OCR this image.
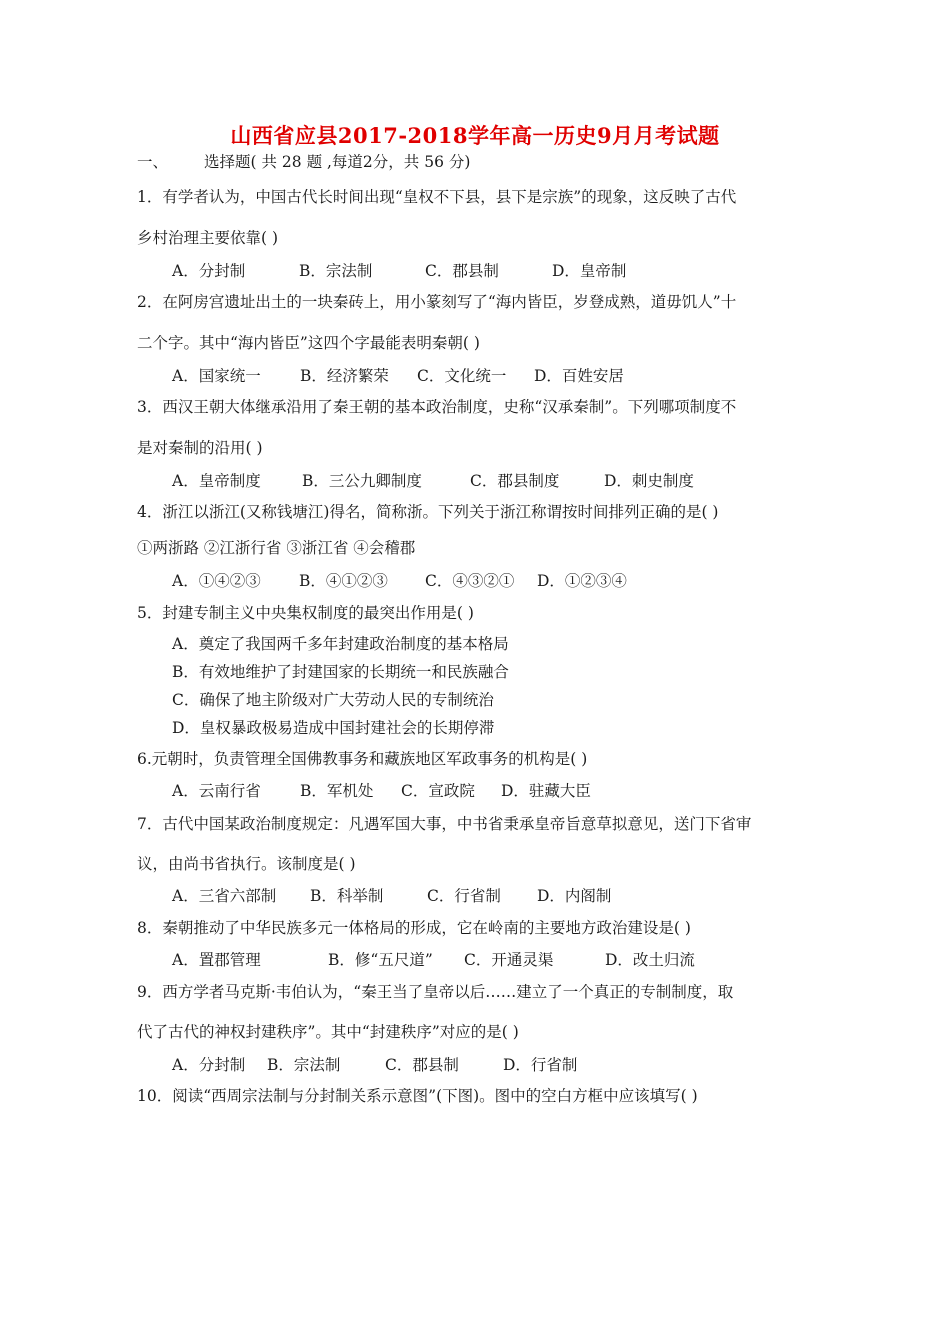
山西省应县2017-2018学年高一历史9月月考试题
一、 选择题( 共 28 题 ,每道2分，共 56 分)
1．有学者认为，中国古代长时间出现“皇权不下县，县下是宗族”的现象，这反映了古代
乡村治理主要依靠( )
A．分封制	B．宗法制	C．郡县制	D．皇帝制
2．在阿房宫遗址出土的一块秦砖上，用小篆刻写了“海内皆臣，岁登成熟，道毋饥人”十
二个字。其中“海内皆臣”这四个字最能表明秦朝( )
A．国家统一	B．经济繁荣 C．文化统一 D．百姓安居
3．西汉王朝大体继承沿用了秦王朝的基本政治制度，史称“汉承秦制”。下列哪项制度不
是对秦制的沿用( )
A．皇帝制度	B．三公九卿制度	C．郡县制度	D．刺史制度
4．浙江以浙江(又称钱塘江)得名，简称浙。下列关于浙江称谓按时间排列正确的是( )
①两浙路 ②江浙行省 ③浙江省 ④会稽郡
A．①④②③ B．④①②③ C．④③②① D．①②③④
5．封建专制主义中央集权制度的最突出作用是( )
A．奠定了我国两千多年封建政治制度的基本格局
B．有效地维护了封建国家的长期统一和民族融合
C．确保了地主阶级对广大劳动人民的专制统治
D．皇权暴政极易造成中国封建社会的长期停滞
6.元朝时，负责管理全国佛教事务和藏族地区军政事务的机构是( )
A．云南行省	B．军机处 C．宣政院 D．驻藏大臣
7．古代中国某政治制度规定：凡遇军国大事，中书省秉承皇帝旨意草拟意见，送门下省审
议，由尚书省执行。该制度是( )
A．三省六部制 B．科举制	C．行省制 D．内阁制
8．秦朝推动了中华民族多元一体格局的形成，它在岭南的主要地方政治建设是( )
A．置郡管理	B．修“五尺道” C．开通灵渠	D．改土归流
9．西方学者马克斯·韦伯认为，“秦王当了皇帝以后……建立了一个真正的专制制度，取
代了古代的神权封建秩序”。其中“封建秩序”对应的是( )
A．分封制 B．宗法制	C．郡县制	D．行省制
10．阅读“西周宗法制与分封制关系示意图”(下图)。图中的空白方框中应该填写( )
